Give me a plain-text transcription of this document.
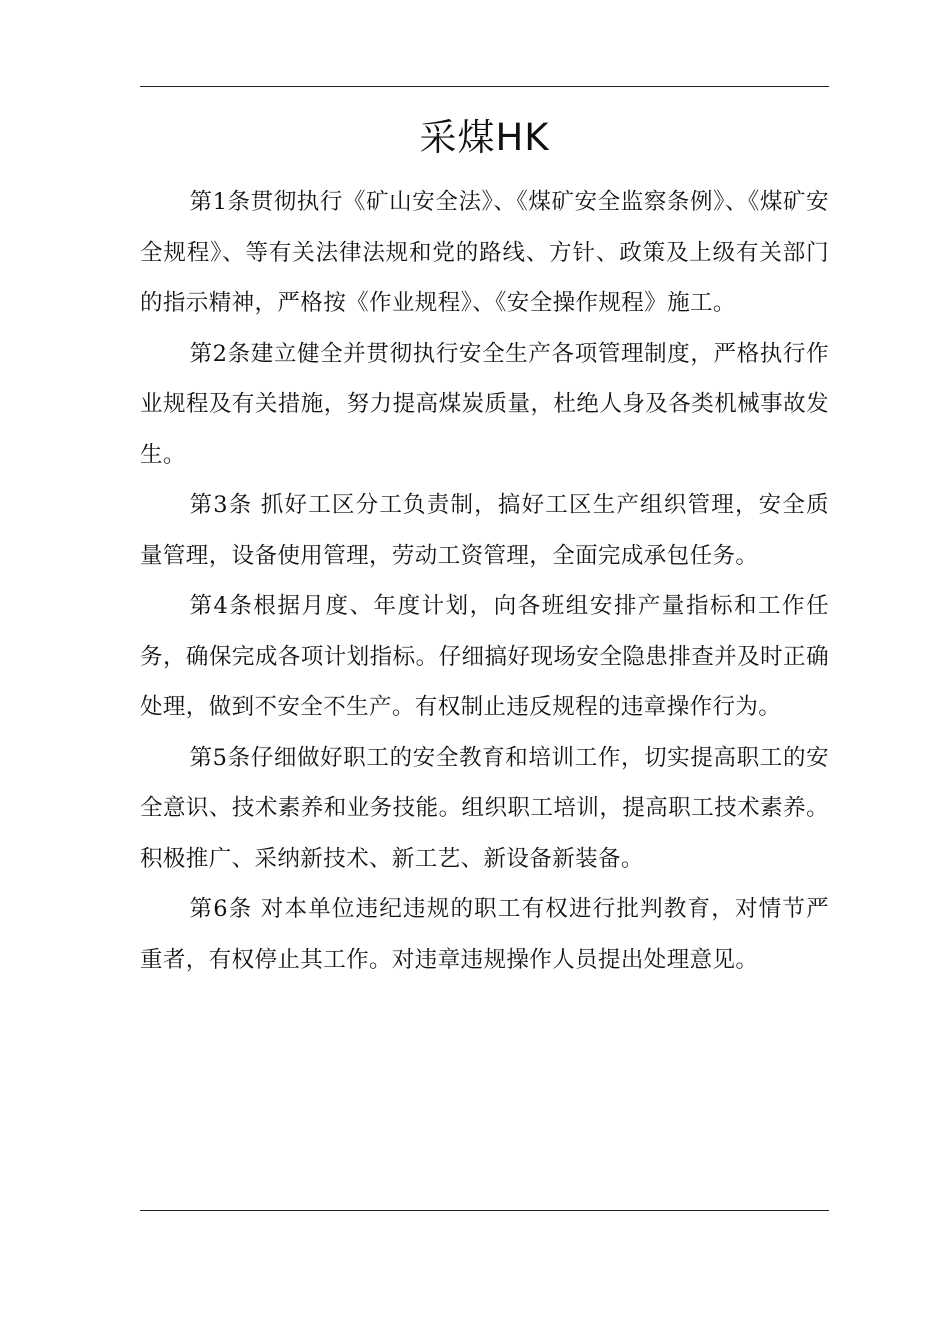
采煤HK

第1条贯彻执行《矿山安全法》、《煤矿安全监察条例》、《煤矿安全规程》、等有关法律法规和党的路线、方针、政策及上级有关部门的指示精神，严格按《作业规程》、《安全操作规程》施工。

第2条建立健全并贯彻执行安全生产各项管理制度，严格执行作业规程及有关措施，努力提高煤炭质量，杜绝人身及各类机械事故发生。

第3条 抓好工区分工负责制，搞好工区生产组织管理，安全质量管理，设备使用管理，劳动工资管理，全面完成承包任务。

第4条根据月度、年度计划，向各班组安排产量指标和工作任务，确保完成各项计划指标。仔细搞好现场安全隐患排查并及时正确处理，做到不安全不生产。有权制止违反规程的违章操作行为。

第5条仔细做好职工的安全教育和培训工作，切实提高职工的安全意识、技术素养和业务技能。组织职工培训，提高职工技术素养。积极推广、采纳新技术、新工艺、新设备新装备。

第6条 对本单位违纪违规的职工有权进行批判教育，对情节严重者，有权停止其工作。对违章违规操作人员提出处理意见。
